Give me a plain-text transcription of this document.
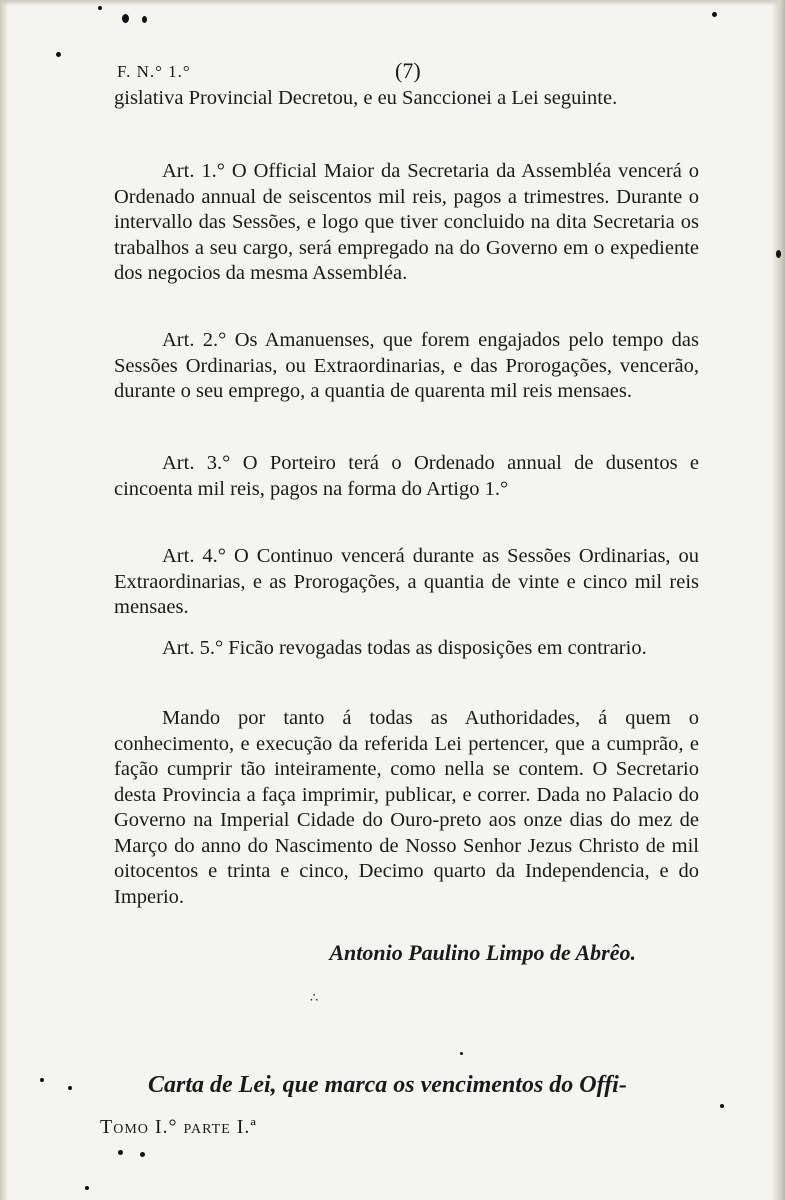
F. N.° 1.°	(7)

gislativa Provincial Decretou, e eu Sanccionei a Lei seguinte.

Art. 1.° O Official Maior da Secretaria da Assembléa vencerá o Ordenado annual de seiscentos mil reis, pagos a trimestres. Durante o intervallo das Sessões, e logo que tiver concluido na dita Secretaria os trabalhos a seu cargo, será empregado na do Governo em o expediente dos negocios da mesma Assembléa.

Art. 2.° Os Amanuenses, que forem engajados pelo tempo das Sessões Ordinarias, ou Extraordinarias, e das Prorogações, vencerão, durante o seu emprego, a quantia de quarenta mil reis mensaes.

Art. 3.° O Porteiro terá o Ordenado annual de dusentos e cincoenta mil reis, pagos na forma do Artigo 1.°

Art. 4.° O Continuo vencerá durante as Sessões Ordinarias, ou Extraordinarias, e as Prorogações, a quantia de vinte e cinco mil reis mensaes.

Art. 5.° Ficão revogadas todas as disposições em contrario.

Mando por tanto á todas as Authoridades, á quem o conhecimento, e execução da referida Lei pertencer, que a cumprão, e fação cumprir tão inteiramente, como nella se contem. O Secretario desta Provincia a faça imprimir, publicar, e correr. Dada no Palacio do Governo na Imperial Cidade do Ouro-preto aos onze dias do mez de Março do anno do Nascimento de Nosso Senhor Jezus Christo de mil oitocentos e trinta e cinco, Decimo quarto da Independencia, e do Imperio.

Antonio Paulino Limpo de Abrêo.
∴
Carta de Lei, que marca os vencimentos do Offi-
Tomo I.° parte I.ª
